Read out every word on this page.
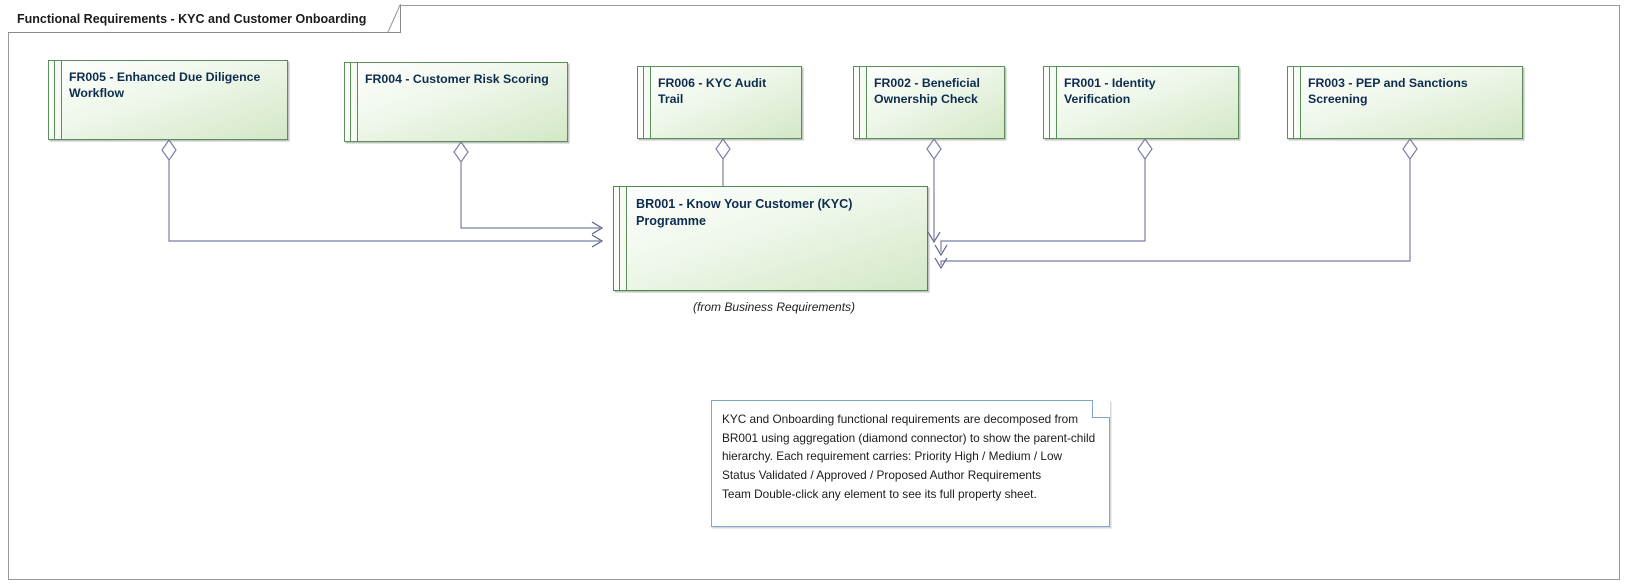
Functional Requirements - KYC and Customer Onboarding
BR001 - Know Your Customer (KYC) Programme
(from Business Requirements)
FR005 - Enhanced Due Diligence
Workflow
FR004 - Customer Risk Scoring	FR006 - KYC Audit
Trail
FR002 - Beneficial
Ownership Check
FR001 - Identity
Verification
FR003 - PEP and Sanctions
Screening
KYC and Onboarding functional requirements are decomposed from
BR001 using aggregation (diamond connector) to show the parent-child
hierarchy. Each requirement carries: Priority High / Medium / Low
Status Validated / Approved / Proposed Author Requirements
Team Double-click any element to see its full property sheet.
